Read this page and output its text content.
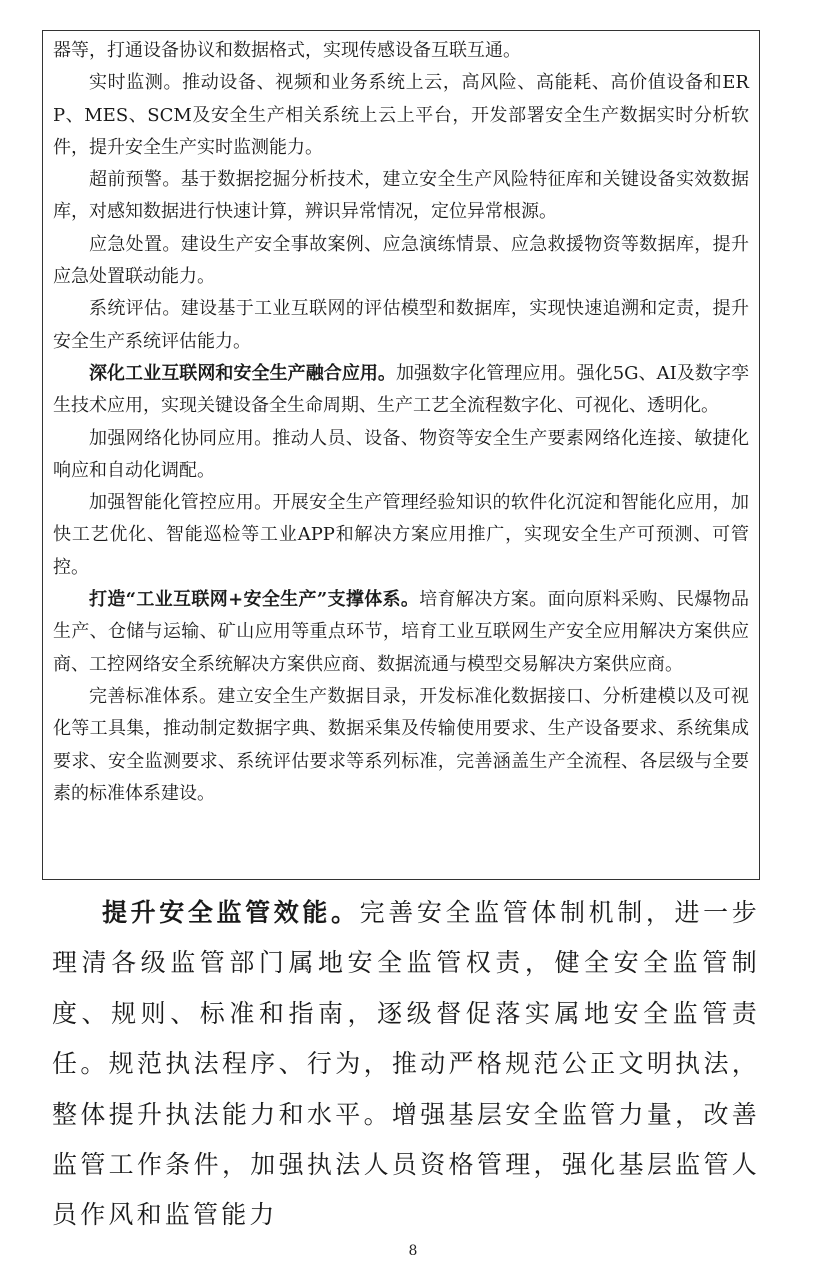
器等，打通设备协议和数据格式，实现传感设备互联互通。

实时监测。推动设备、视频和业务系统上云，高风险、高能耗、高价值设备和ERP、MES、SCM及安全生产相关系统上云上平台，开发部署安全生产数据实时分析软件，提升安全生产实时监测能力。

超前预警。基于数据挖掘分析技术，建立安全生产风险特征库和关键设备实效数据库，对感知数据进行快速计算，辨识异常情况，定位异常根源。

应急处置。建设生产安全事故案例、应急演练情景、应急救援物资等数据库，提升应急处置联动能力。

系统评估。建设基于工业互联网的评估模型和数据库，实现快速追溯和定责，提升安全生产系统评估能力。

深化工业互联网和安全生产融合应用。加强数字化管理应用。强化5G、AI及数字孪生技术应用，实现关键设备全生命周期、生产工艺全流程数字化、可视化、透明化。

加强网络化协同应用。推动人员、设备、物资等安全生产要素网络化连接、敏捷化响应和自动化调配。

加强智能化管控应用。开展安全生产管理经验知识的软件化沉淀和智能化应用，加快工艺优化、智能巡检等工业APP和解决方案应用推广，实现安全生产可预测、可管控。

打造“工业互联网+安全生产”支撑体系。培育解决方案。面向原料采购、民爆物品生产、仓储与运输、矿山应用等重点环节，培育工业互联网生产安全应用解决方案供应商、工控网络安全系统解决方案供应商、数据流通与模型交易解决方案供应商。

完善标准体系。建立安全生产数据目录，开发标准化数据接口、分析建模以及可视化等工具集，推动制定数据字典、数据采集及传输使用要求、生产设备要求、系统集成要求、安全监测要求、系统评估要求等系列标准，完善涵盖生产全流程、各层级与全要素的标准体系建设。

提升安全监管效能。完善安全监管体制机制，进一步理清各级监管部门属地安全监管权责，健全安全监管制度、规则、标准和指南，逐级督促落实属地安全监管责任。规范执法程序、行为，推动严格规范公正文明执法，整体提升执法能力和水平。增强基层安全监管力量，改善监管工作条件，加强执法人员资格管理，强化基层监管人员作风和监管能力

8
